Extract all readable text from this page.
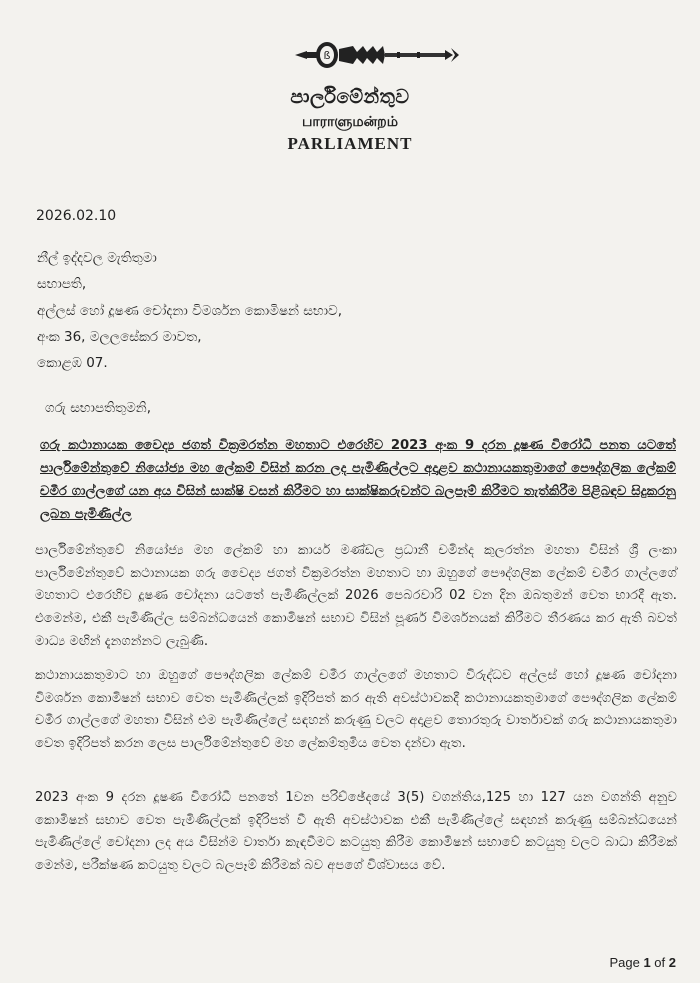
ß
පාර්ලිමේන්තුව
பாராளுமன்றம்
PARLIAMENT
2026.02.10
නීල් ඉද්දවල මැතිතුමා
සභාපති,
අල්ලස් හෝ දූෂණ චෝදනා විමර්ශන කොමිෂන් සභාව,
අංක 36, මලලසේකර මාවත,
කොළඹ 07.
ගරු සභාපතිතුමනි,
ගරු කථානායක වෛද්‍ය ජගත් වික්‍රමරත්න මහතාට එරෙහිව 2023 අංක 9 දරන දූෂණ විරෝධී පනත යටතේ පාර්ලිමේන්තුවේ නියෝජ්‍ය මහ ලේකම් විසින් කරන ලද පැමිණිල්ලට අදාළව කථානායකතුමාගේ පෞද්ගලික ලේකම් චමීර ගාල්ලගේ යන අය විසින් සාක්ෂි වසන් කිරීමට හා සාක්ෂිකරුවන්ට බලපෑම් කිරීමට තැත්කිරීම පිළිබඳව සිදුකරනු ලබන පැමිණිල්ල
පාර්ලිමේන්තුවේ නියෝජ්‍ය මහ ලේකම් හා කාර්ය මණ්ඩල ප්‍රධානී චමින්ද කුලරත්න මහතා විසින් ශ්‍රී ලංකා පාර්ලිමේන්තුවේ කථානායක ගරු වෛද්‍ය ජගත් වික්‍රමරත්න මහතාට හා ඔහුගේ පෞද්ගලික ලේකම් චමීර ගාල්ලගේ මහතාට එරෙහිව දූෂණ චෝදනා යටතේ පැමිණිල්ලක් 2026 පෙබරවාරි 02 වන දින ඔබතුමන් වෙත භාරදී ඇත. එමෙන්ම, එකී පැමිණිල්ල සම්බන්ධයෙන් කොමිෂන් සභාව විසින් පූර්ණ විමර්ශනයක් කිරීමට තීරණය කර ඇති බවත් මාධ්‍ය මඟින් දැනගන්නට ලැබුණි.
කථානායකතුමාට හා ඔහුගේ පෞද්ගලික ලේකම් චමීර ගාල්ලගේ මහතාට විරුද්ධව අල්ලස් හෝ දූෂණ චෝදනා විමර්ශන කොමිෂන් සභාව වෙත පැමිණිල්ලක් ඉදිරිපත් කර ඇති අවස්ථාවකදී කථානායකතුමාගේ පෞද්ගලික ලේකම් චමීර ගාල්ලගේ මහතා විසින් එම පැමිණිල්ලේ සඳහන් කරුණු වලට අදාළව තොරතුරු වාර්තාවක් ගරු කථානායකතුමා වෙත ඉදිරිපත් කරන ලෙස පාර්ලිමේන්තුවේ මහ ලේකම්තුමිය වෙත දන්වා ඇත.
2023 අංක 9 දරන දූෂණ විරෝධී පනතේ 1වන පරිච්ඡේදයේ 3(5) වගන්තිය,125 හා 127 යන වගන්ති අනුව කොමිෂන් සභාව වෙත පැමිණිල්ලක් ඉදිරිපත් වී ඇති අවස්ථාවක එකී පැමිණිල්ලේ සඳහන් කරුණු සම්බන්ධයෙන් පැමිණිල්ලේ චෝදනා ලද අය විසින්ම වාර්තා කැඳවීමට කටයුතු කිරීම කොමිෂන් සභාවේ කටයුතු වලට බාධා කිරීමක් මෙන්ම, පරීක්ෂණ කටයුතු වලට බලපෑම් කිරීමක් බව අපගේ විශ්වාසය වේ.
Page 1 of 2
